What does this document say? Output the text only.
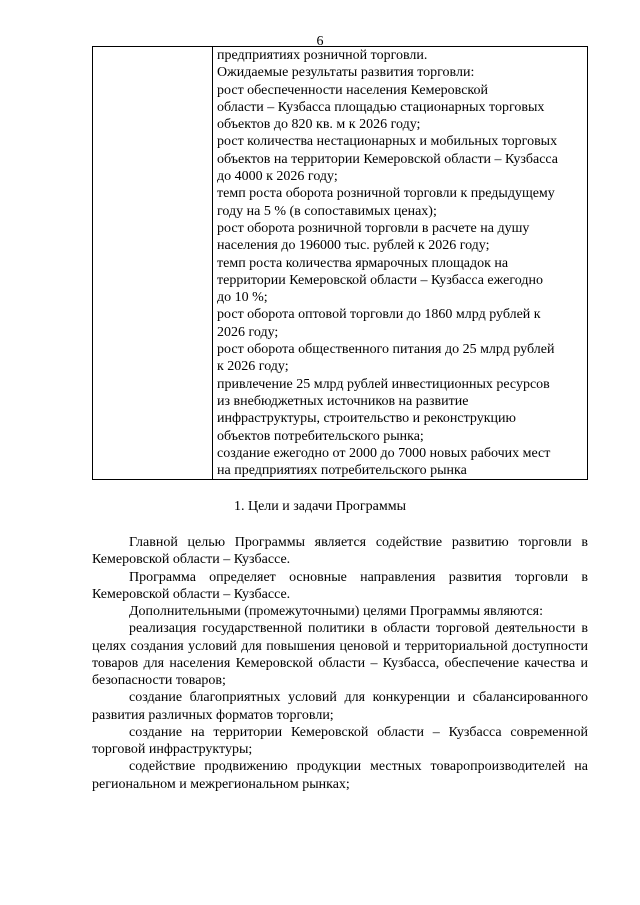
6

предприятиях розничной торговли.

Ожидаемые результаты развития торговли:

рост обеспеченности населения Кемеровской

области – Кузбасса площадью стационарных торговых

объектов до 820 кв. м к 2026 году;

рост количества нестационарных и мобильных торговых

объектов на территории Кемеровской области – Кузбасса

до 4000 к 2026 году;

темп роста оборота розничной торговли к предыдущему

году на 5 % (в сопоставимых ценах);

рост оборота розничной торговли в расчете на душу

населения до 196000 тыс. рублей к 2026 году;

темп роста количества ярмарочных площадок на

территории Кемеровской области – Кузбасса ежегодно

до 10 %;

рост оборота оптовой торговли до 1860 млрд рублей к

2026 году;

рост оборота общественного питания до 25 млрд рублей

к 2026 году;

привлечение 25 млрд рублей инвестиционных ресурсов

из внебюджетных источников на развитие

инфраструктуры, строительство и реконструкцию

объектов потребительского рынка;

создание ежегодно от 2000 до 7000 новых рабочих мест

на предприятиях потребительского рынка

1. Цели и задачи Программы

Главной целью Программы является содействие развитию торговли в Кемеровской области – Кузбассе.

Программа определяет основные направления развития торговли в Кемеровской области – Кузбассе.

Дополнительными (промежуточными) целями Программы являются:

реализация государственной политики в области торговой деятельности в целях создания условий для повышения ценовой и территориальной доступности товаров для населения Кемеровской области – Кузбасса, обеспечение качества и безопасности товаров;

создание благоприятных условий для конкуренции и сбалансированного развития различных форматов торговли;

создание на территории Кемеровской области – Кузбасса современной торговой инфраструктуры;

содействие продвижению продукции местных товаропроизводителей на региональном и межрегиональном рынках;
